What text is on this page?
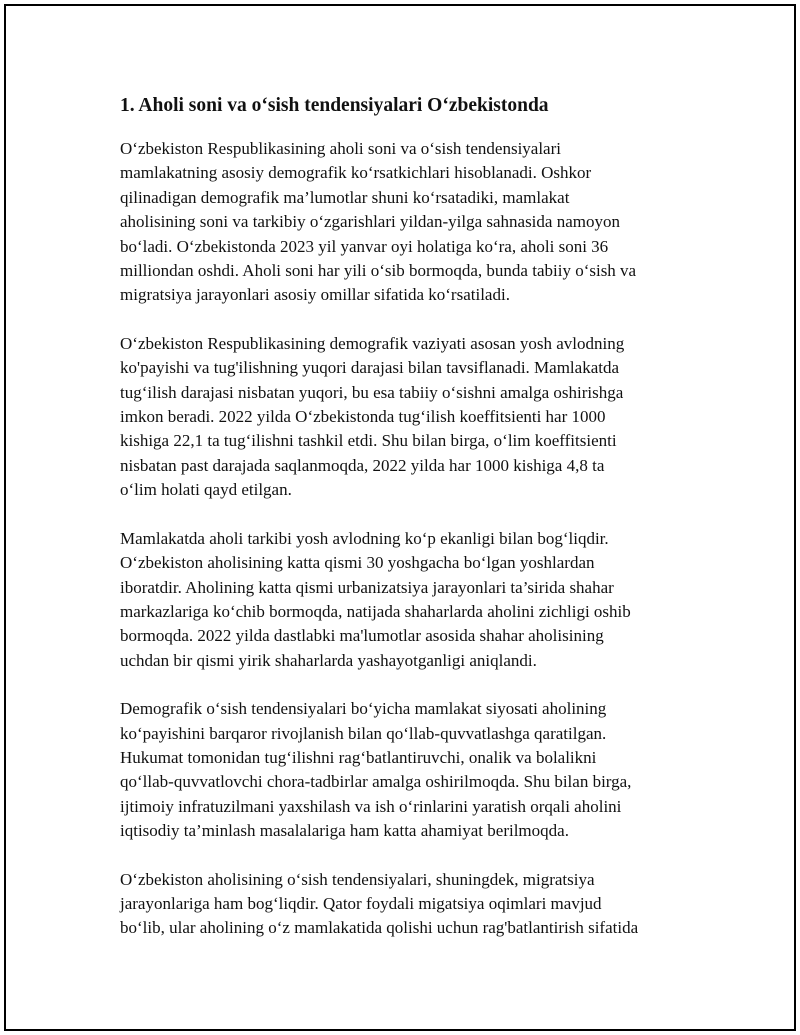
1. Aholi soni va o‘sish tendensiyalari O‘zbekistonda
O‘zbekiston Respublikasining aholi soni va o‘sish tendensiyalari
mamlakatning asosiy demografik ko‘rsatkichlari hisoblanadi. Oshkor
qilinadigan demografik ma’lumotlar shuni ko‘rsatadiki, mamlakat
aholisining soni va tarkibiy o‘zgarishlari yildan-yilga sahnasida namoyon
bo‘ladi. O‘zbekistonda 2023 yil yanvar oyi holatiga ko‘ra, aholi soni 36
milliondan oshdi. Aholi soni har yili o‘sib bormoqda, bunda tabiiy o‘sish va
migratsiya jarayonlari asosiy omillar sifatida ko‘rsatiladi.
O‘zbekiston Respublikasining demografik vaziyati asosan yosh avlodning
ko'payishi va tug'ilishning yuqori darajasi bilan tavsiflanadi. Mamlakatda
tug‘ilish darajasi nisbatan yuqori, bu esa tabiiy o‘sishni amalga oshirishga
imkon beradi. 2022 yilda O‘zbekistonda tug‘ilish koeffitsienti har 1000
kishiga 22,1 ta tug‘ilishni tashkil etdi. Shu bilan birga, o‘lim koeffitsienti
nisbatan past darajada saqlanmoqda, 2022 yilda har 1000 kishiga 4,8 ta
o‘lim holati qayd etilgan.
Mamlakatda aholi tarkibi yosh avlodning ko‘p ekanligi bilan bog‘liqdir.
O‘zbekiston aholisining katta qismi 30 yoshgacha bo‘lgan yoshlardan
iboratdir. Aholining katta qismi urbanizatsiya jarayonlari ta’sirida shahar
markazlariga ko‘chib bormoqda, natijada shaharlarda aholini zichligi oshib
bormoqda. 2022 yilda dastlabki ma'lumotlar asosida shahar aholisining
uchdan bir qismi yirik shaharlarda yashayotganligi aniqlandi.
Demografik o‘sish tendensiyalari bo‘yicha mamlakat siyosati aholining
ko‘payishini barqaror rivojlanish bilan qo‘llab-quvvatlashga qaratilgan.
Hukumat tomonidan tug‘ilishni rag‘batlantiruvchi, onalik va bolalikni
qo‘llab-quvvatlovchi chora-tadbirlar amalga oshirilmoqda. Shu bilan birga,
ijtimoiy infratuzilmani yaxshilash va ish o‘rinlarini yaratish orqali aholini
iqtisodiy ta’minlash masalalariga ham katta ahamiyat berilmoqda.
O‘zbekiston aholisining o‘sish tendensiyalari, shuningdek, migratsiya
jarayonlariga ham bog‘liqdir. Qator foydali migatsiya oqimlari mavjud
bo‘lib, ular aholining o‘z mamlakatida qolishi uchun rag'batlantirish sifatida
